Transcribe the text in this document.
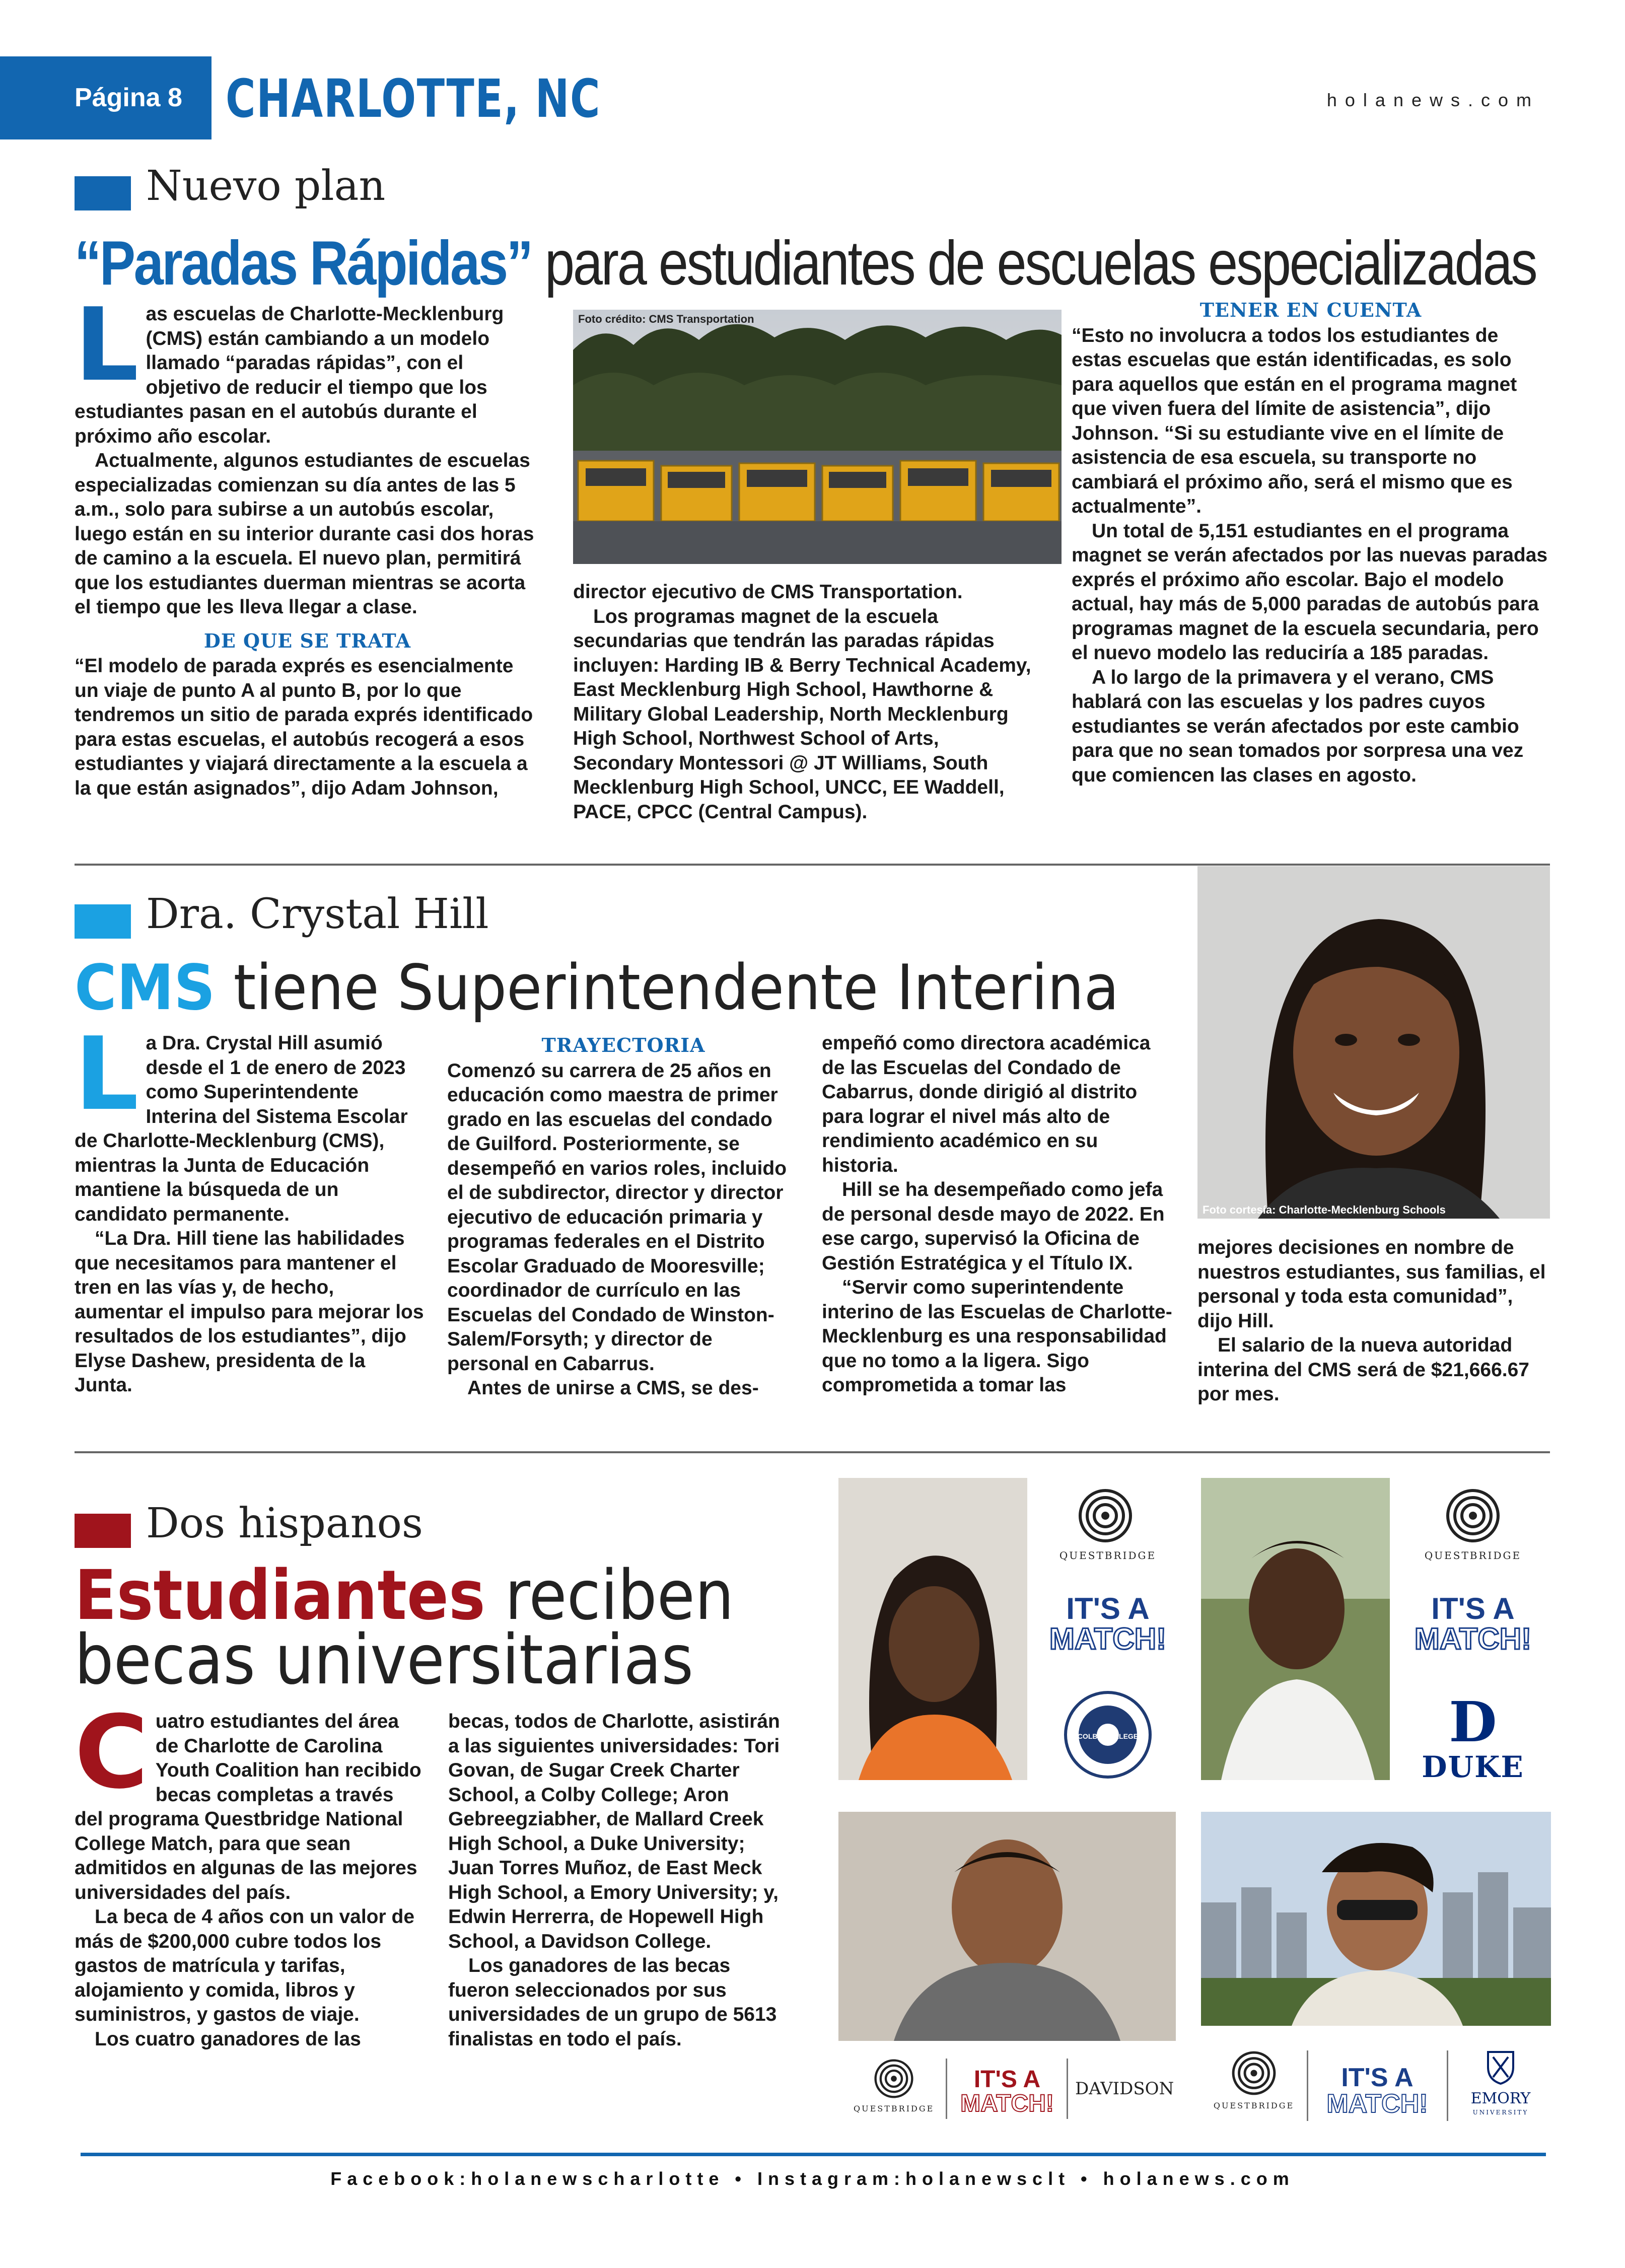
Página 8 CHARLOTTE, NC	holanews.com
Nuevo plan
“Paradas Rápidas” para estudiantes de escuelas especializadas
L as escuelas de Charlotte-Mecklenburg (CMS) están cambiando a un modelo llamado “paradas rápidas”, con el objetivo de reducir el tiempo que los estudiantes pasan en el autobús durante el próximo año escolar.

Actualmente, algunos estudiantes de escuelas especializadas comienzan su día antes de las 5 a.m., solo para subirse a un autobús escolar, luego están en su interior durante casi dos horas de camino a la escuela. El nuevo plan, permitirá que los estudiantes duerman mientras se acorta el tiempo que les lleva llegar a clase.

DE QUE SE TRATA

“El modelo de parada exprés es esencialmente un viaje de punto A al punto B, por lo que tendremos un sitio de parada exprés identificado para estas escuelas, el autobús recogerá a esos estudiantes y viajará directamente a la escuela a la que están asignados”, dijo Adam Johnson,

Foto crédito: CMS Transportation

director ejecutivo de CMS Transportation.

Los programas magnet de la escuela secundarias que tendrán las paradas rápidas incluyen: Harding IB & Berry Technical Academy, East Mecklenburg High School, Hawthorne & Military Global Leadership, North Mecklenburg High School, Northwest School of Arts, Secondary Montessori @ JT Williams, South Mecklenburg High School, UNCC, EE Waddell, PACE, CPCC (Central Campus).

TENER EN CUENTA

“Esto no involucra a todos los estudiantes de estas escuelas que están identificadas, es solo para aquellos que están en el programa magnet que viven fuera del límite de asistencia”, dijo Johnson. “Si su estudiante vive en el límite de asistencia de esa escuela, su transporte no cambiará el próximo año, será el mismo que es actualmente”.

Un total de 5,151 estudiantes en el programa magnet se verán afectados por las nuevas paradas exprés el próximo año escolar. Bajo el modelo actual, hay más de 5,000 paradas de autobús para programas magnet de la escuela secundaria, pero el nuevo modelo las reduciría a 185 paradas.

A lo largo de la primavera y el verano, CMS hablará con las escuelas y los padres cuyos estudiantes se verán afectados por este cambio para que no sean tomados por sorpresa una vez que comiencen las clases en agosto.

Dra. Crystal Hill
CMS tiene Superintendente Interina
L a Dra. Crystal Hill asumió desde el 1 de enero de 2023 como Superintendente Interina del Sistema Escolar de Charlotte-Mecklenburg (CMS), mientras la Junta de Educación mantiene la búsqueda de un candidato permanente.

“La Dra. Hill tiene las habilidades que necesitamos para mantener el tren en las vías y, de hecho, aumentar el impulso para mejorar los resultados de los estudiantes”, dijo Elyse Dashew, presidenta de la Junta.

TRAYECTORIA

Comenzó su carrera de 25 años en educación como maestra de primer grado en las escuelas del condado de Guilford. Posteriormente, se desempeñó en varios roles, incluido el de subdirector, director y director ejecutivo de educación primaria y programas federales en el Distrito Escolar Graduado de Mooresville; coordinador de currículo en las Escuelas del Condado de Winston-Salem/Forsyth; y director de personal en Cabarrus.

Antes de unirse a CMS, se des-

empeñó como directora académica de las Escuelas del Condado de Cabarrus, donde dirigió al distrito para lograr el nivel más alto de rendimiento académico en su historia.

Hill se ha desempeñado como jefa de personal desde mayo de 2022. En ese cargo, supervisó la Oficina de Gestión Estratégica y el Título IX.

“Servir como superintendente interino de las Escuelas de Charlotte-Mecklenburg es una responsabilidad que no tomo a la ligera. Sigo comprometida a tomar las

Foto cortesía: Charlotte-Mecklenburg Schools

mejores decisiones en nombre de nuestros estudiantes, sus familias, el personal y toda esta comunidad”, dijo Hill.

El salario de la nueva autoridad interina del CMS será de $21,666.67 por mes.

Dos hispanos
Estudiantes reciben
becas universitarias
C uatro estudiantes del área de Charlotte de Carolina Youth Coalition han recibido becas completas a través del programa Questbridge National College Match, para que sean admitidos en algunas de las mejores universidades del país.

La beca de 4 años con un valor de más de $200,000 cubre todos los gastos de matrícula y tarifas, alojamiento y comida, libros y suministros, y gastos de viaje.

Los cuatro ganadores de las

becas, todos de Charlotte, asistirán a las siguientes universidades: Tori Govan, de Sugar Creek Charter School, a Colby College; Aron Gebreegziabher, de Mallard Creek High School, a Duke University; Juan Torres Muñoz, de East Meck High School, a Emory University; y, Edwin Herrerra, de Hopewell High School, a Davidson College.

Los ganadores de las becas fueron seleccionados por sus universidades de un grupo de 5613 finalistas en todo el país.

QUESTBRIDGE
IT'S A
MATCH!
COLBY COLLEGE
QUESTBRIDGE
IT'S A
MATCH!
D
DUKE
QUESTBRIDGE
IT'S A
MATCH!
DAVIDSON
QUESTBRIDGE
IT'S A
MATCH!	EMORY
UNIVERSITY
Facebook:holanewscharlotte • Instagram:holanewsclt • holanews.com
